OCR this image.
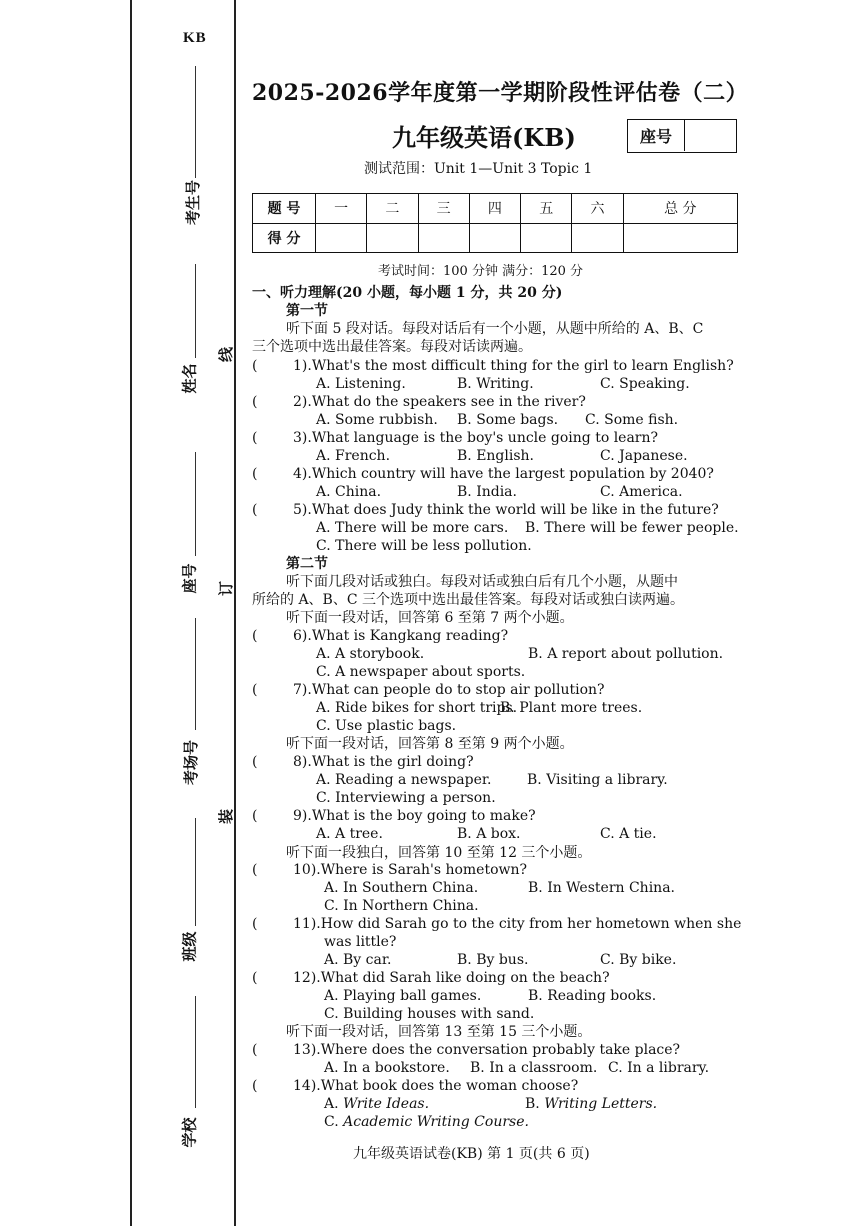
KB
考生号
姓名
座号
考场号
班级
学校
线
订
装
2025-2026学年度第一学期阶段性评估卷（二）
九年级英语(KB)	座号
测试范围：Unit 1—Unit 3 Topic 1
题 号	一	二	三	四	五	六	总 分
得 分							
考试时间：100 分钟 满分：120 分
一、听力理解(20 小题，每小题 1 分，共 20 分)
第一节
听下面 5 段对话。每段对话后有一个小题，从题中所给的 A、B、C
三个选项中选出最佳答案。每段对话读两遍。
(	1).What's the most difficult thing for the girl to learn English?
A. Listening.	B. Writing.	C. Speaking.
(	2).What do the speakers see in the river?
A. Some rubbish. B. Some bags. C. Some fish.
(	3).What language is the boy's uncle going to learn?
A. French.	B. English.	C. Japanese.
(	4).Which country will have the largest population by 2040?
A. China.	B. India.	C. America.
(	5).What does Judy think the world will be like in the future?
A. There will be more cars. B. There will be fewer people.
C. There will be less pollution.
(	6).What is Kangkang reading?
A. A storybook.	B. A report about pollution.
C. A newspaper about sports.
(	7).What can people do to stop air pollution?
A. Ride bikes for short trips.
B. Plant more trees.
C. Use plastic bags.
(	8).What is the girl doing?
A. Reading a newspaper.	B. Visiting a library.
C. Interviewing a person.
(	9).What is the boy going to make?
A. A tree.	B. A box.	C. A tie.
(	10).Where is Sarah's hometown?
A. In Southern China.	B. In Western China.
C. In Northern China.
(	11).How did Sarah go to the city from her hometown when she
was little?
A. By car.	B. By bus.	C. By bike.
(	12).What did Sarah like doing on the beach?
A. Playing ball games.	B. Reading books.
C. Building houses with sand.
(	13).Where does the conversation probably take place?
A. In a bookstore. B. In a classroom. C. In a library.
(	14).What book does the woman choose?
A. Write Ideas.	B. Writing Letters.
C. Academic Writing Course.
第二节
听下面几段对话或独白。每段对话或独白后有几个小题，从题中
所给的 A、B、C 三个选项中选出最佳答案。每段对话或独白读两遍。
听下面一段对话，回答第 6 至第 7 两个小题。
听下面一段对话，回答第 8 至第 9 两个小题。
听下面一段独白，回答第 10 至第 12 三个小题。
听下面一段对话，回答第 13 至第 15 三个小题。
九年级英语试卷(KB) 第 1 页(共 6 页)
